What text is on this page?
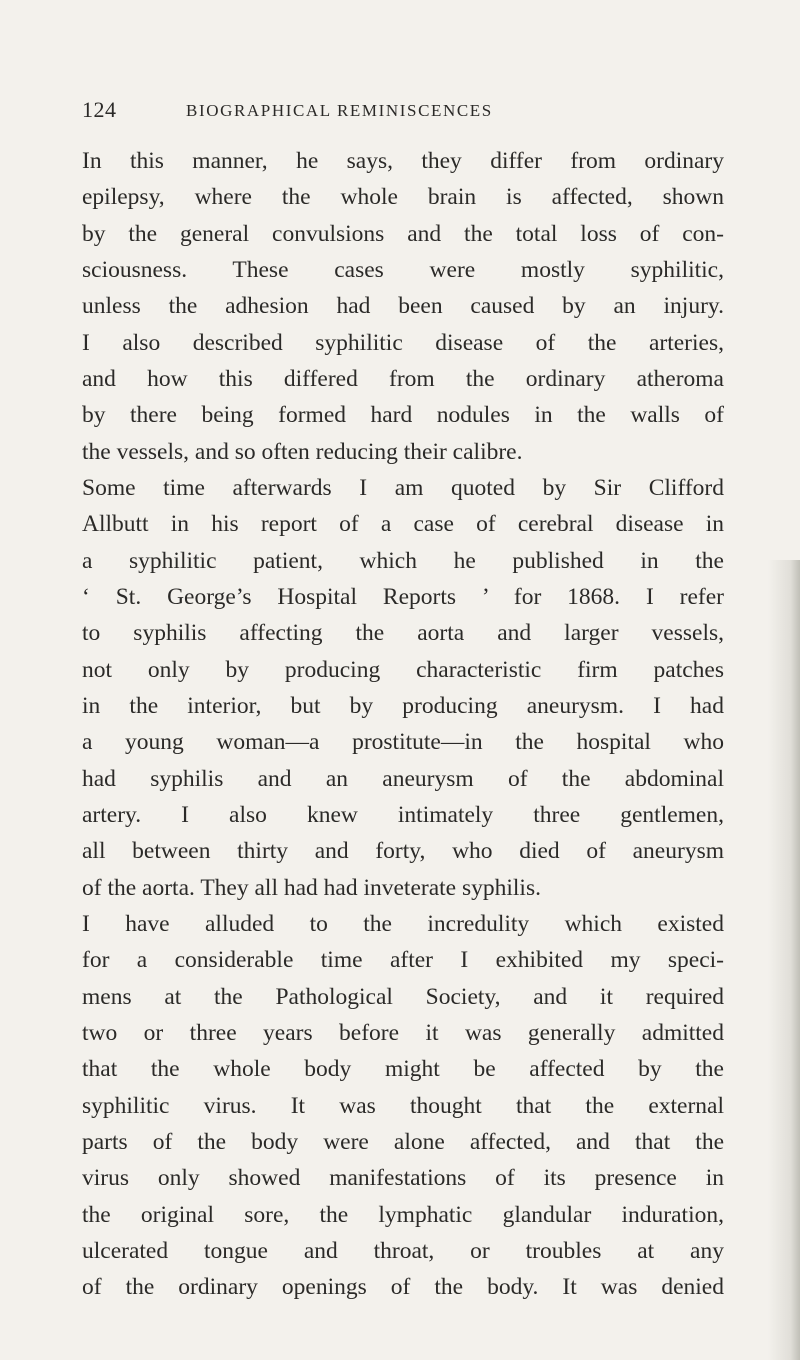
124	BIOGRAPHICAL REMINISCENCES
In this manner, he says, they differ from ordinary
epilepsy, where the whole brain is affected, shown
by the general convulsions and the total loss of con-
sciousness. These cases were mostly syphilitic,
unless the adhesion had been caused by an injury.
I also described syphilitic disease of the arteries,
and how this differed from the ordinary atheroma
by there being formed hard nodules in the walls of
the vessels, and so often reducing their calibre.
Some time afterwards I am quoted by Sir Clifford
Allbutt in his report of a case of cerebral disease in
a syphilitic patient, which he published in the
‘ St. George’s Hospital Reports ’ for 1868. I refer
to syphilis affecting the aorta and larger vessels,
not only by producing characteristic firm patches
in the interior, but by producing aneurysm. I had
a young woman—a prostitute—in the hospital who
had syphilis and an aneurysm of the abdominal
artery. I also knew intimately three gentlemen,
all between thirty and forty, who died of aneurysm
of the aorta. They all had had inveterate syphilis.
I have alluded to the incredulity which existed
for a considerable time after I exhibited my speci-
mens at the Pathological Society, and it required
two or three years before it was generally admitted
that the whole body might be affected by the
syphilitic virus. It was thought that the external
parts of the body were alone affected, and that the
virus only showed manifestations of its presence in
the original sore, the lymphatic glandular induration,
ulcerated tongue and throat, or troubles at any
of the ordinary openings of the body. It was denied
